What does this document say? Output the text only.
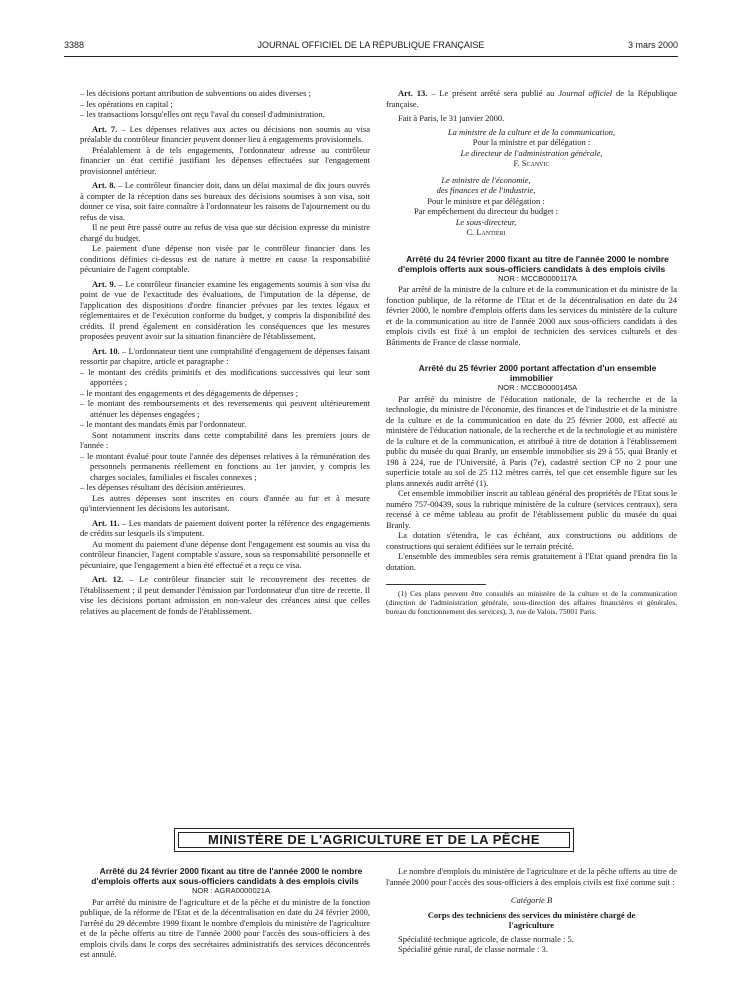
3388	JOURNAL OFFICIEL DE LA RÉPUBLIQUE FRANÇAISE	3 mars 2000

– les décisions portant attribution de subventions ou aides diverses ;

– les opérations en capital ;

– les transactions lorsqu'elles ont reçu l'aval du conseil d'administration.

Art. 7. – Les dépenses relatives aux actes ou décisions non soumis au visa préalable du contrôleur financier peuvent donner lieu à engagements provisionnels.

Préalablement à de tels engagements, l'ordonnateur adresse au contrôleur financier un état certifié justifiant les dépenses effectuées sur l'engagement provisionnel antérieur.

Art. 8. – Le contrôleur financier doit, dans un délai maximal de dix jours ouvrés à compter de la réception dans ses bureaux des décisions soumises à son visa, soit donner ce visa, soit faire connaître à l'ordonnateur les raisons de l'ajournement ou du refus de visa.

Il ne peut être passé outre au refus de visa que sur décision expresse du ministre chargé du budget.

Le paiement d'une dépense non visée par le contrôleur financier dans les conditions définies ci-dessus est de nature à mettre en cause la responsabilité pécuniaire de l'agent comptable.

Art. 9. – Le contrôleur financier examine les engagements soumis à son visa du point de vue de l'exactitude des évaluations, de l'imputation de la dépense, de l'application des dispositions d'ordre financier prévues par les textes légaux et réglementaires et de l'exécution conforme du budget, y compris la disponibilité des crédits. Il prend également en considération les conséquences que les mesures proposées peuvent avoir sur la situation financière de l'établissement.

Art. 10. – L'ordonnateur tient une comptabilité d'engagement de dépenses faisant ressortir par chapitre, article et paragraphe :

– le montant des crédits primitifs et des modifications successives qui leur sont apportées ;

– le montant des engagements et des dégagements de dépenses ;

– le montant des remboursements et des reversements qui peuvent ultérieurement atténuer les dépenses engagées ;

– le montant des mandats émis par l'ordonnateur.

Sont notamment inscrits dans cette comptabilité dans les premiers jours de l'année :

– le montant évalué pour toute l'année des dépenses relatives à la rémunération des personnels permanents réellement en fonctions au 1er janvier, y compris les charges sociales, familiales et fiscales connexes ;

– les dépenses résultant des décision antérieures.

Les autres dépenses sont inscrites en cours d'année au fur et à mesure qu'interviennent les décisions les autorisant.

Art. 11. – Les mandats de paiement doivent porter la référence des engagements de crédits sur lesquels ils s'imputent.

Au moment du paiement d'une dépense dont l'engagement est soumis au visa du contrôleur financier, l'agent comptable s'assure, sous sa responsabilité personnelle et pécuniaire, que l'engagement a bien été effectué et a reçu ce visa.

Art. 12. – Le contrôleur financier suit le recouvrement des recettes de l'établissement ; il peut demander l'émission par l'ordonnateur d'un titre de recette. Il vise les décisions portant admission en non-valeur des créances ainsi que celles relatives au placement de fonds de l'établissement.

Art. 13. – Le présent arrêté sera publié au Journal officiel de la République française.

Fait à Paris, le 31 janvier 2000.

La ministre de la culture et de la communication,

Pour la ministre et par délégation :

Le directeur de l'administration générale,

F. Scanvic

Le ministre de l'économie,

des finances et de l'industrie,

Pour le ministre et par délégation :

Par empêchement du directeur du budget :

Le sous-directeur,

C. Lantiéri

Arrêté du 24 février 2000 fixant au titre de l'année 2000 le nombre d'emplois offerts aux sous-officiers candidats à des emplois civils

NOR : MCCB0000117A

Par arrêté de la ministre de la culture et de la communication et du ministre de la fonction publique, de la réforme de l'Etat et de la décentralisation en date du 24 février 2000, le nombre d'emplois offerts dans les services du ministère de la culture et de la communication au titre de l'année 2000 aux sous-officiers candidats à des emplois civils est fixé à un emploi de technicien des services culturels et des Bâtiments de France de classe normale.

Arrêté du 25 février 2000 portant affectation d'un ensemble immobilier

NOR : MCCB0000145A

Par arrêté du ministre de l'éducation nationale, de la recherche et de la technologie, du ministre de l'économie, des finances et de l'industrie et de la ministre de la culture et de la communication en date du 25 février 2000, est affecté au ministère de l'éducation nationale, de la recherche et de la technologie et au ministère de la culture et de la communication, et attribué à titre de dotation à l'établissement public du musée du quai Branly, un ensemble immobilier sis 29 à 55, quai Branly et 198 à 224, rue de l'Université, à Paris (7e), cadastré section CP no 2 pour une superficie totale au sol de 25 112 mètres carrés, tel que cet ensemble figure sur les plans annexés audit arrêté (1).

Cet ensemble immobilier inscrit au tableau général des propriétés de l'Etat sous le numéro 757-00439, sous la rubrique ministère de la culture (services centraux), sera recensé à ce même tableau au profit de l'établissement public du musée du quai Branly.

La dotation s'étendra, le cas échéant, aux constructions ou additions de constructions qui seraient édifiées sur le terrain précité.

L'ensemble des immeubles sera remis gratuitement à l'Etat quand prendra fin la dotation.

(1) Ces plans peuvent être consultés au ministère de la culture et de la communication (direction de l'administration générale, sous-direction des affaires financières et générales, bureau du fonctionnement des services), 3, rue de Valois, 75001 Paris.

MINISTÈRE DE L'AGRICULTURE ET DE LA PÊCHE

Arrêté du 24 février 2000 fixant au titre de l'année 2000 le nombre d'emplois offerts aux sous-officiers candidats à des emplois civils

NOR : AGRA0000021A

Par arrêté du ministre de l'agriculture et de la pêche et du ministre de la fonction publique, de la réforme de l'Etat et de la décentralisation en date du 24 février 2000, l'arrêté du 29 décembre 1999 fixant le nombre d'emplois du ministère de l'agriculture et de la pêche offerts au titre de l'année 2000 pour l'accès des sous-officiers à des emplois civils dans le corps des secrétaires administratifs des services déconcentrés est annulé.

Le nombre d'emplois du ministère de l'agriculture et de la pêche offerts au titre de l'année 2000 pour l'accès des sous-officiers à des emplois civils est fixé comme suit :

Catégorie B

Corps des techniciens des services du ministère chargé de l'agriculture

Spécialité technique agricole, de classe normale : 5.

Spécialité génie rural, de classe normale : 3.
